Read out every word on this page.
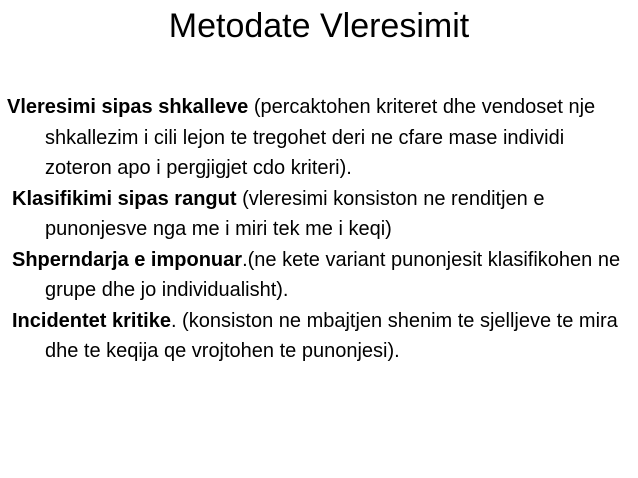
Metodate Vleresimit
Vleresimi sipas shkalleve (percaktohen kriteret dhe vendoset nje shkallezim i cili lejon te tregohet deri ne cfare mase individi zoteron apo i pergjigjet cdo kriteri).
Klasifikimi sipas rangut (vleresimi konsiston ne renditjen e punonjesve nga me i miri tek me i keqi)
Shperndarja e imponuar.(ne kete variant punonjesit klasifikohen ne grupe dhe jo individualisht).
Incidentet kritike. (konsiston ne mbajtjen shenim te sjelljeve te mira dhe te keqija qe vrojtohen te punonjesi).
